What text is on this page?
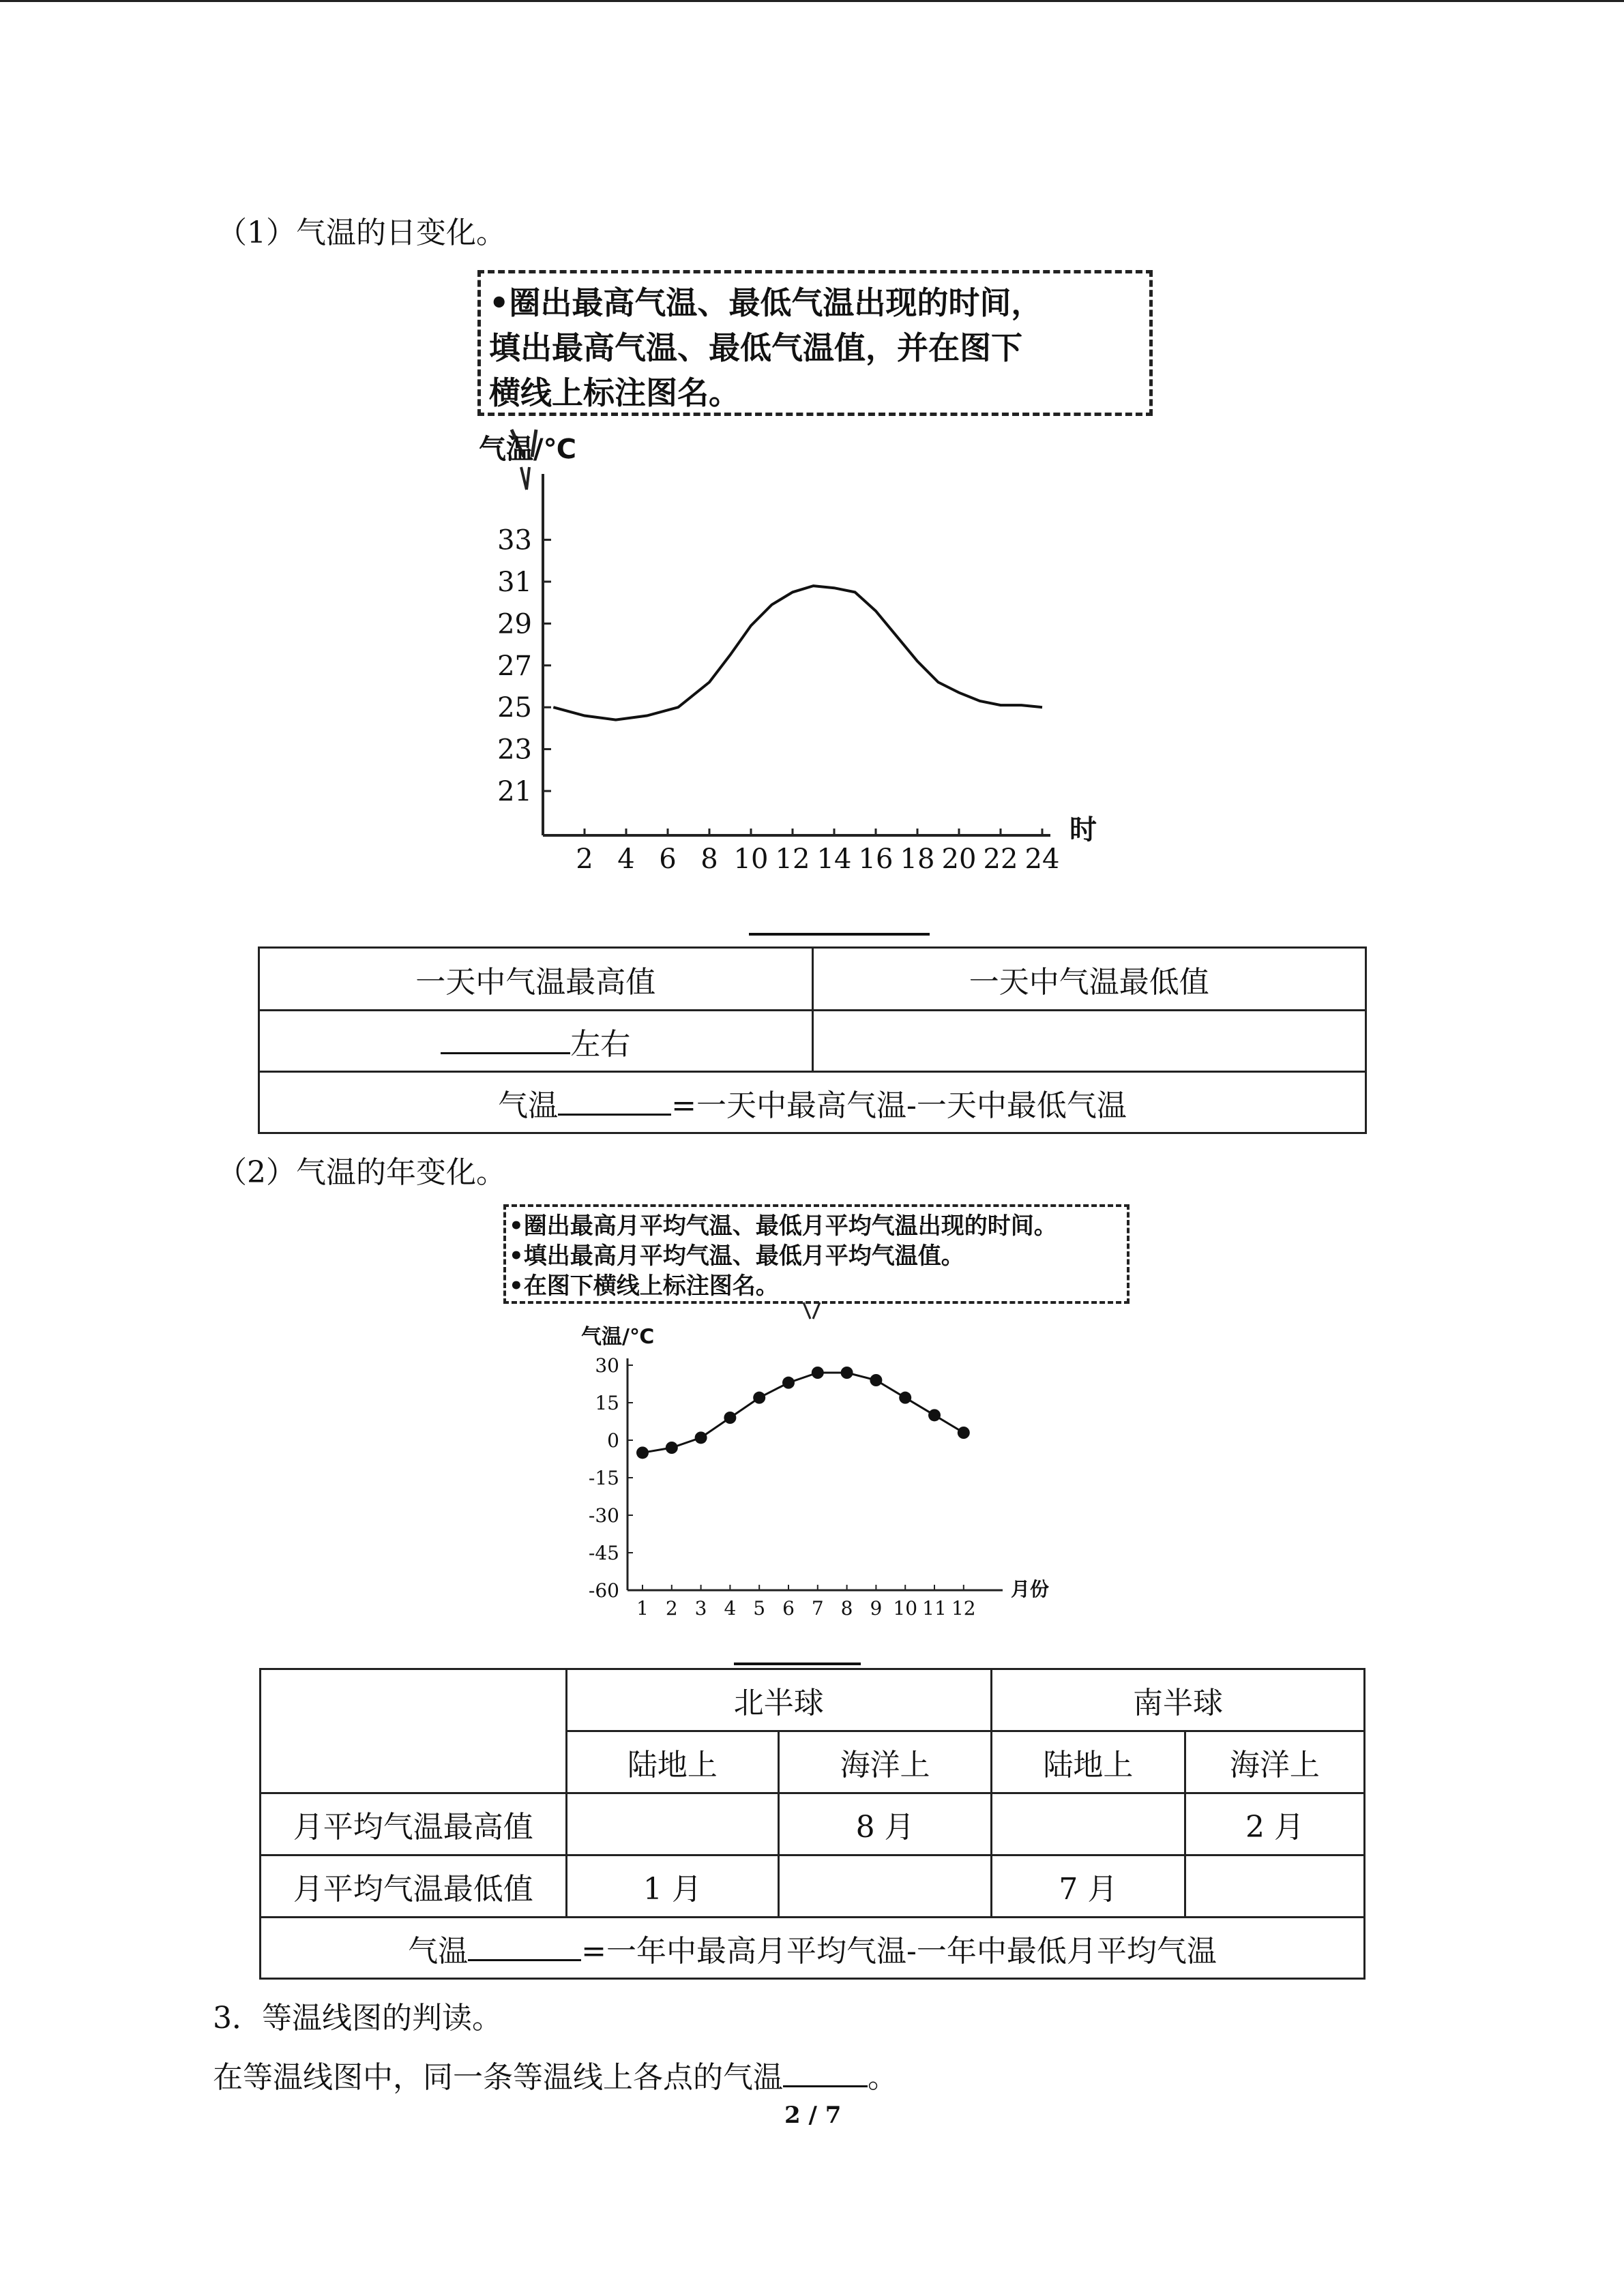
（1）气温的日变化。
•圈出最高气温、最低气温出现的时间，
填出最高气温、最低气温值，并在图下
横线上标注图名。
气温/℃
时
21
23
25
27
29
31
33
2 4 6 8 10 12 14 16 18 20 22 24
一天中气温最高值	一天中气温最低值
左右	
气温 =一天中最高气温-一天中最低气温	
（2）气温的年变化。
•圈出最高月平均气温、最低月平均气温出现的时间。
•填出最高月平均气温、最低月平均气温值。
•在图下横线上标注图名。
气温/℃
月份
30
15
0
-15
-30
-45
-60
1 2 3 4 5 6 7 8 9 10 11 12
	北半球		南半球	
	陆地上	海洋上	陆地上	海洋上
月平均气温最高值		8 月		2 月
月平均气温最低值	1 月		7 月	
气温 =一年中最高月平均气温-一年中最低月平均气温				
3．等温线图的判读。
在等温线图中，同一条等温线上各点的气温	。
2 / 7
